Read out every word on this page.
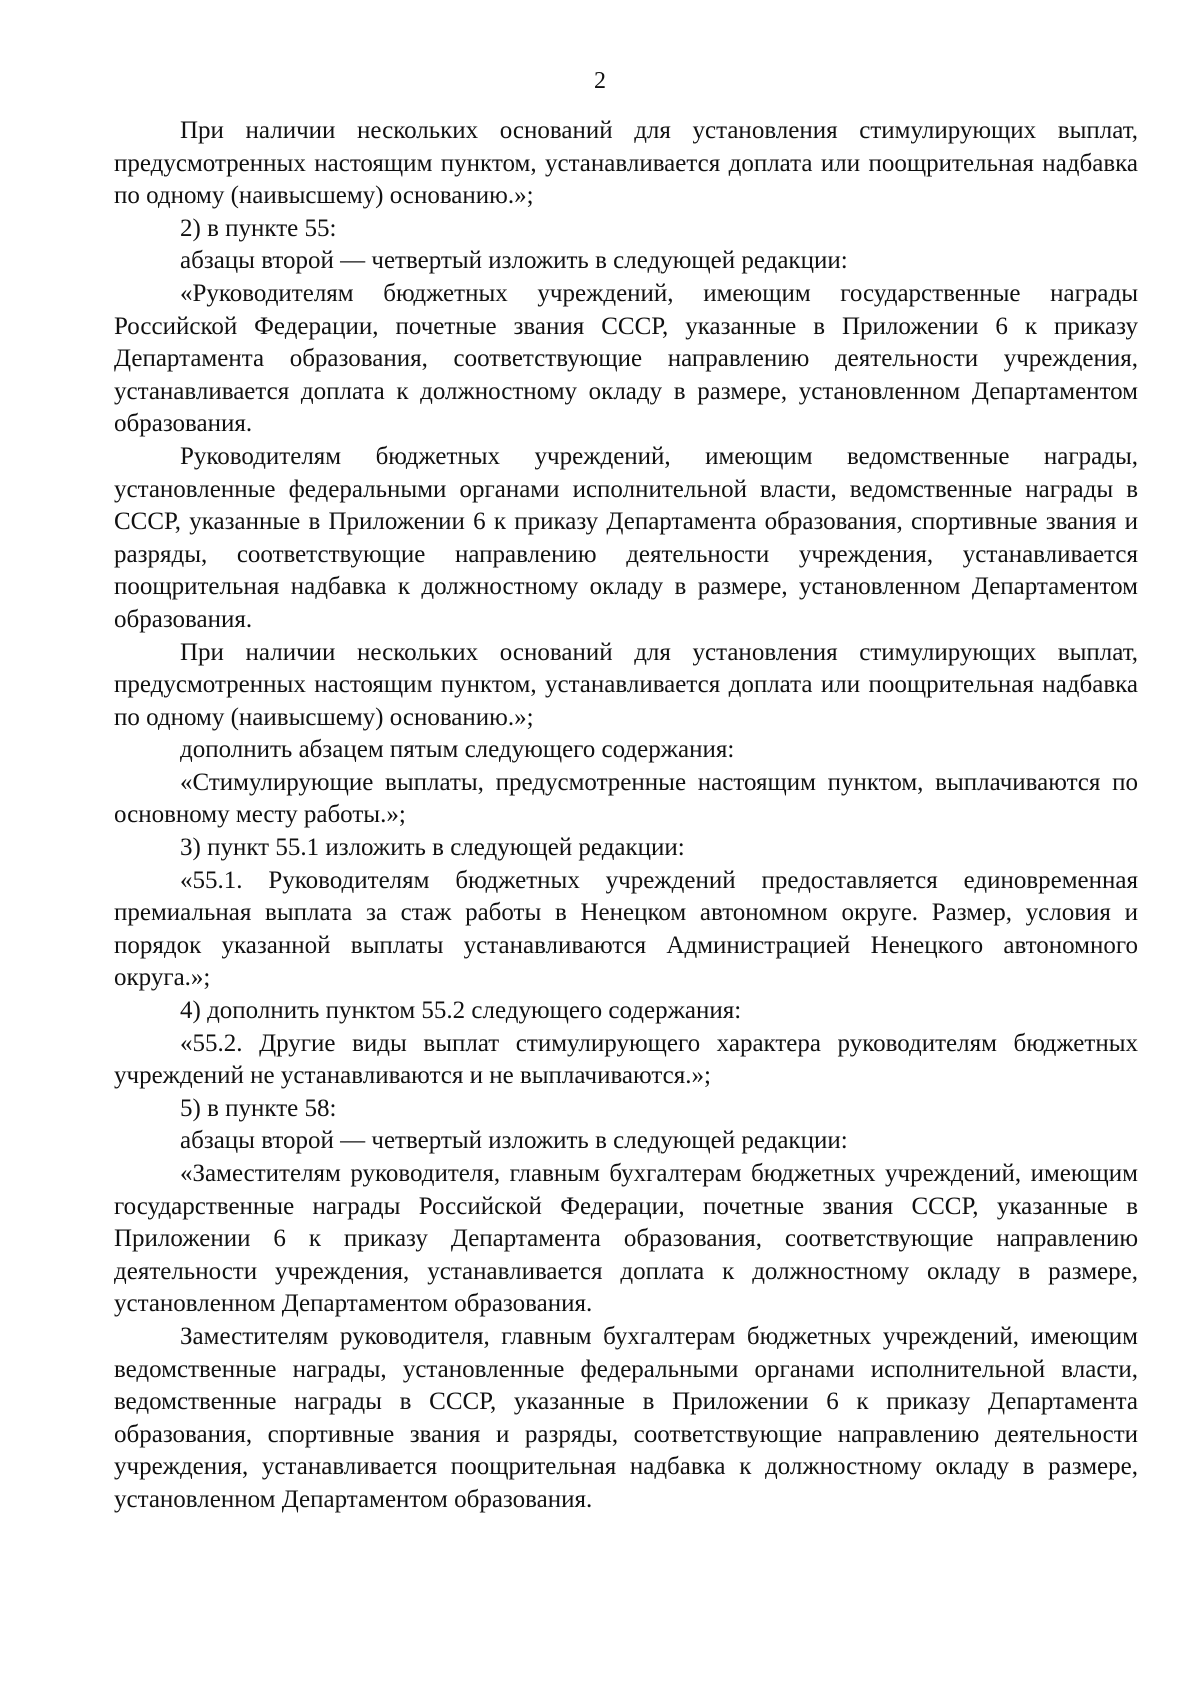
2

При наличии нескольких оснований для установления стимулирующих выплат, предусмотренных настоящим пунктом, устанавливается доплата или поощрительная надбавка по одному (наивысшему) основанию.»;

2) в пункте 55:

абзацы второй — четвертый изложить в следующей редакции:

«Руководителям бюджетных учреждений, имеющим государственные награды Российской Федерации, почетные звания СССР, указанные в Приложении 6 к приказу Департамента образования, соответствующие направлению деятельности учреждения, устанавливается доплата к должностному окладу в размере, установленном Департаментом образования.

Руководителям бюджетных учреждений, имеющим ведомственные награды, установленные федеральными органами исполнительной власти, ведомственные награды в СССР, указанные в Приложении 6 к приказу Департамента образования, спортивные звания и разряды, соответствующие направлению деятельности учреждения, устанавливается поощрительная надбавка к должностному окладу в размере, установленном Департаментом образования.

При наличии нескольких оснований для установления стимулирующих выплат, предусмотренных настоящим пунктом, устанавливается доплата или поощрительная надбавка по одному (наивысшему) основанию.»;

дополнить абзацем пятым следующего содержания:

«Стимулирующие выплаты, предусмотренные настоящим пунктом, выплачиваются по основному месту работы.»;

3) пункт 55.1 изложить в следующей редакции:

«55.1. Руководителям бюджетных учреждений предоставляется единовременная премиальная выплата за стаж работы в Ненецком автономном округе. Размер, условия и порядок указанной выплаты устанавливаются Администрацией Ненецкого автономного округа.»;

4) дополнить пунктом 55.2 следующего содержания:

«55.2. Другие виды выплат стимулирующего характера руководителям бюджетных учреждений не устанавливаются и не выплачиваются.»;

5) в пункте 58:

абзацы второй — четвертый изложить в следующей редакции:

«Заместителям руководителя, главным бухгалтерам бюджетных учреждений, имеющим государственные награды Российской Федерации, почетные звания СССР, указанные в Приложении 6 к приказу Департамента образования, соответствующие направлению деятельности учреждения, устанавливается доплата к должностному окладу в размере, установленном Департаментом образования.

Заместителям руководителя, главным бухгалтерам бюджетных учреждений, имеющим ведомственные награды, установленные федеральными органами исполнительной власти, ведомственные награды в СССР, указанные в Приложении 6 к приказу Департамента образования, спортивные звания и разряды, соответствующие направлению деятельности учреждения, устанавливается поощрительная надбавка к должностному окладу в размере, установленном Департаментом образования.
